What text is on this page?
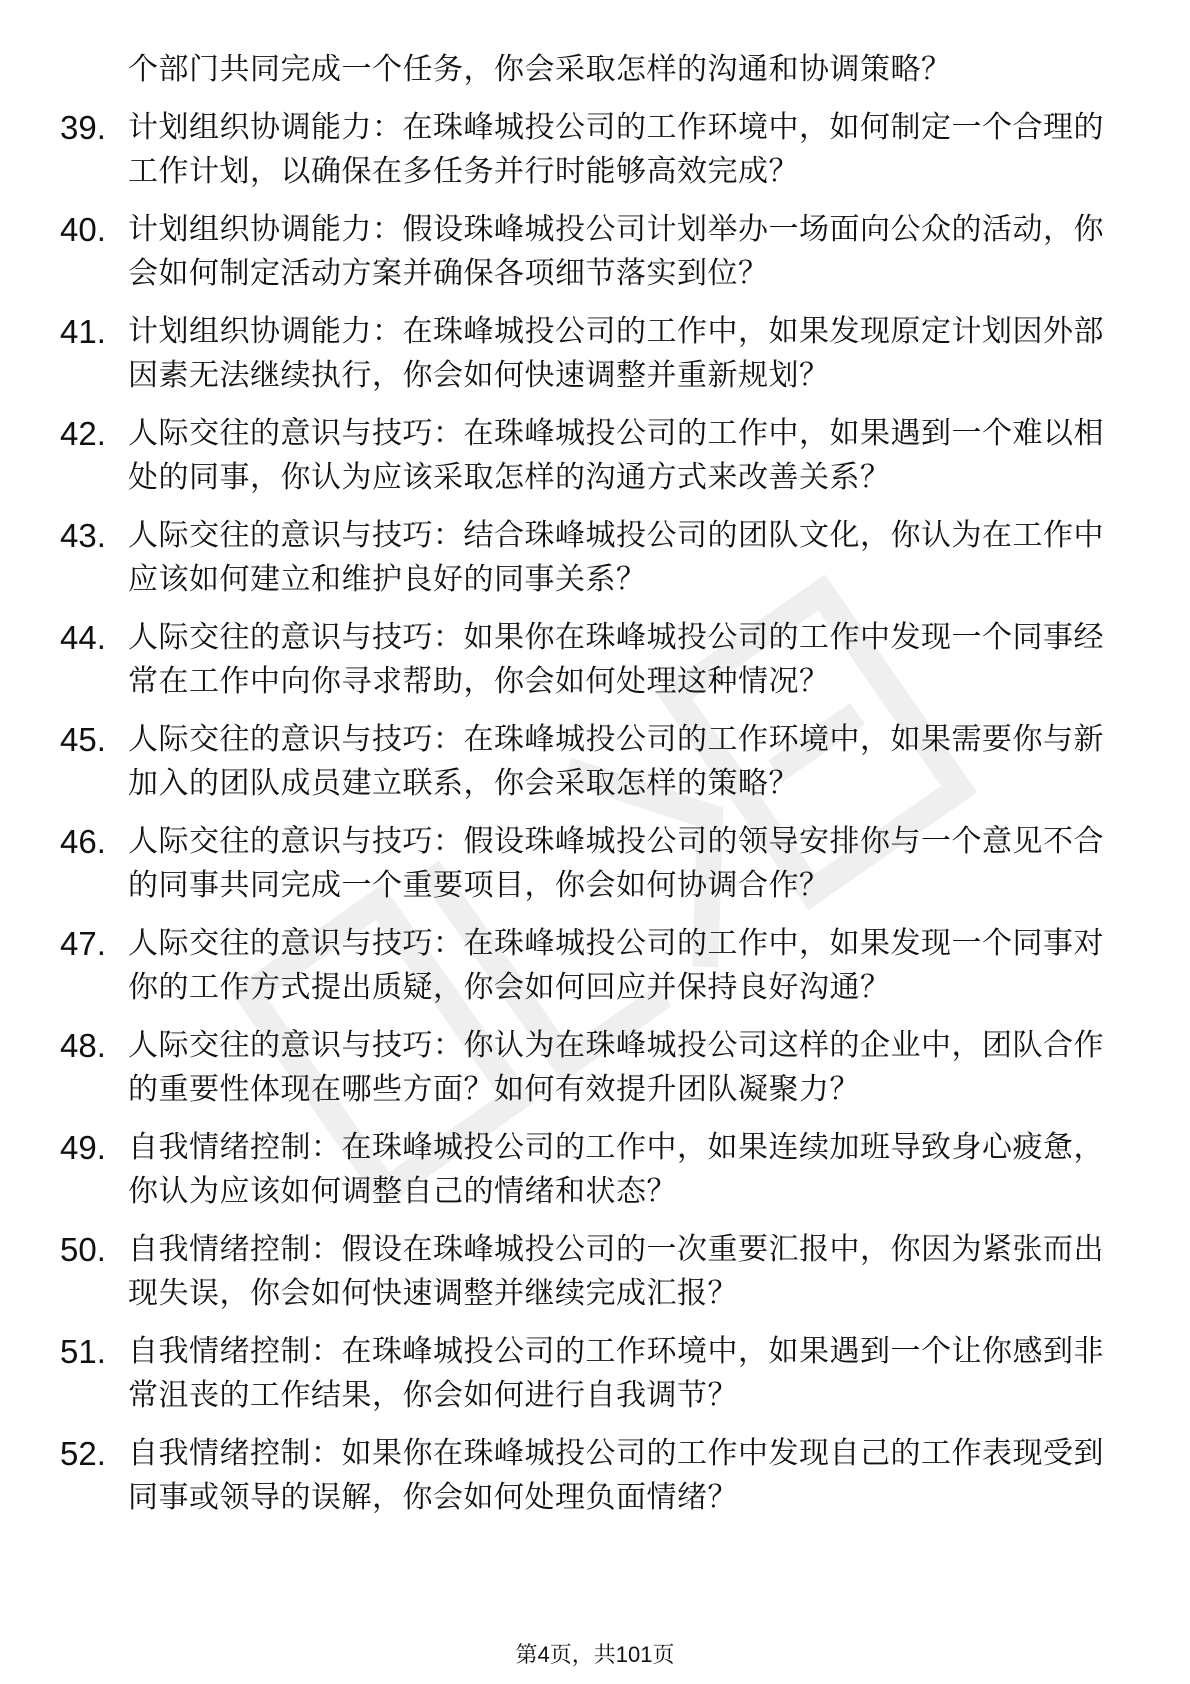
个部门共同完成一个任务，你会采取怎样的沟通和协调策略？
39. 计划组织协调能力：在珠峰城投公司的工作环境中，如何制定一个合理的工作计划，以确保在多任务并行时能够高效完成？
40. 计划组织协调能力：假设珠峰城投公司计划举办一场面向公众的活动，你会如何制定活动方案并确保各项细节落实到位？
41. 计划组织协调能力：在珠峰城投公司的工作中，如果发现原定计划因外部因素无法继续执行，你会如何快速调整并重新规划？
42. 人际交往的意识与技巧：在珠峰城投公司的工作中，如果遇到一个难以相处的同事，你认为应该采取怎样的沟通方式来改善关系？
43. 人际交往的意识与技巧：结合珠峰城投公司的团队文化，你认为在工作中应该如何建立和维护良好的同事关系？
44. 人际交往的意识与技巧：如果你在珠峰城投公司的工作中发现一个同事经常在工作中向你寻求帮助，你会如何处理这种情况？
45. 人际交往的意识与技巧：在珠峰城投公司的工作环境中，如果需要你与新加入的团队成员建立联系，你会采取怎样的策略？
46. 人际交往的意识与技巧：假设珠峰城投公司的领导安排你与一个意见不合的同事共同完成一个重要项目，你会如何协调合作？
47. 人际交往的意识与技巧：在珠峰城投公司的工作中，如果发现一个同事对你的工作方式提出质疑，你会如何回应并保持良好沟通？
48. 人际交往的意识与技巧：你认为在珠峰城投公司这样的企业中，团队合作的重要性体现在哪些方面？如何有效提升团队凝聚力？
49. 自我情绪控制：在珠峰城投公司的工作中，如果连续加班导致身心疲惫，你认为应该如何调整自己的情绪和状态？
50. 自我情绪控制：假设在珠峰城投公司的一次重要汇报中，你因为紧张而出现失误，你会如何快速调整并继续完成汇报？
51. 自我情绪控制：在珠峰城投公司的工作环境中，如果遇到一个让你感到非常沮丧的工作结果，你会如何进行自我调节？
52. 自我情绪控制：如果你在珠峰城投公司的工作中发现自己的工作表现受到同事或领导的误解，你会如何处理负面情绪？
第4页，共101页
